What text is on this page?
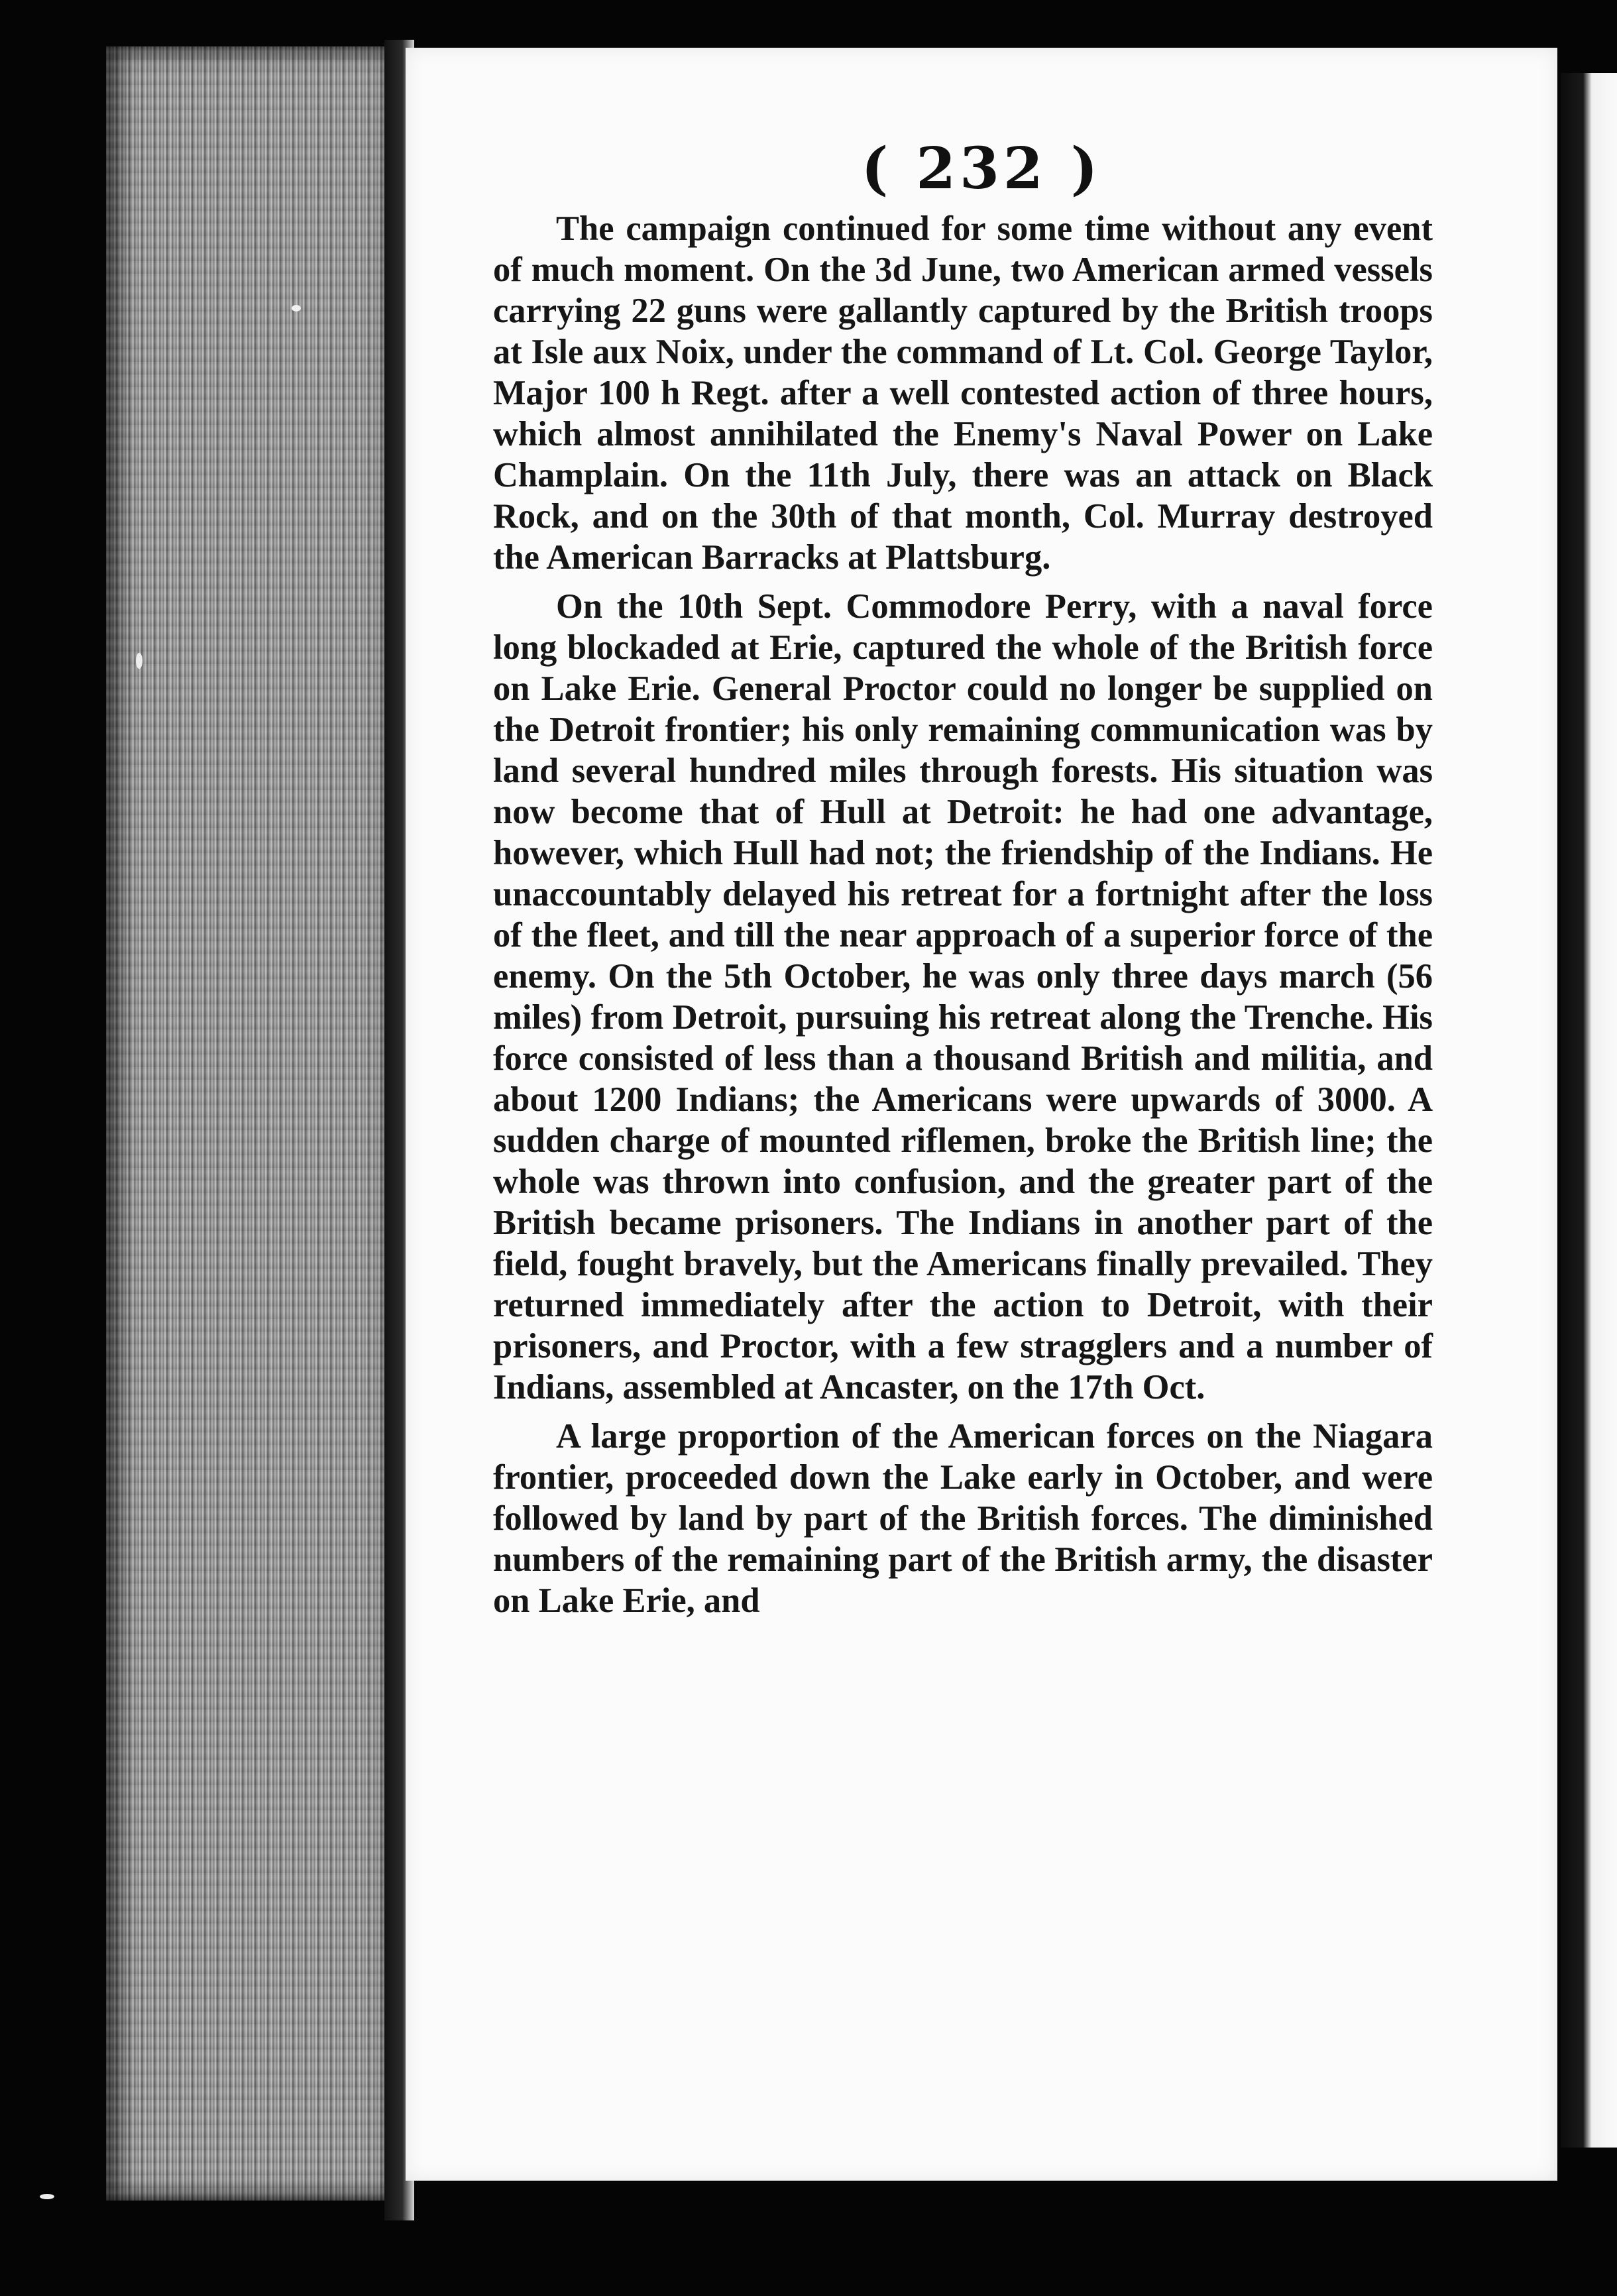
( 232 )

The campaign continued for some time without any event of much moment. On the 3d June, two American armed vessels carrying 22 guns were gallantly captured by the British troops at Isle aux Noix, under the command of Lt. Col. George Taylor, Major 100 h Regt. after a well contested action of three hours, which almost annihilated the Enemy's Naval Power on Lake Champlain. On the 11th July, there was an attack on Black Rock, and on the 30th of that month, Col. Murray destroyed the American Barracks at Plattsburg.

On the 10th Sept. Commodore Perry, with a naval force long blockaded at Erie, captured the whole of the British force on Lake Erie. General Proctor could no longer be supplied on the Detroit frontier; his only remaining communication was by land several hundred miles through forests. His situation was now become that of Hull at Detroit: he had one advantage, however, which Hull had not; the friendship of the Indians. He unaccountably delayed his retreat for a fortnight after the loss of the fleet, and till the near approach of a superior force of the enemy. On the 5th October, he was only three days march (56 miles) from Detroit, pursuing his retreat along the Trenche. His force consisted of less than a thousand British and militia, and about 1200 Indians; the Americans were upwards of 3000. A sudden charge of mounted riflemen, broke the British line; the whole was thrown into confusion, and the greater part of the British became prisoners. The Indians in another part of the field, fought bravely, but the Americans finally prevailed. They returned immediately after the action to Detroit, with their prisoners, and Proctor, with a few stragglers and a number of Indians, assembled at Ancaster, on the 17th Oct.

A large proportion of the American forces on the Niagara frontier, proceeded down the Lake early in October, and were followed by land by part of the British forces. The diminished numbers of the remaining part of the British army, the disaster on Lake Erie, and
